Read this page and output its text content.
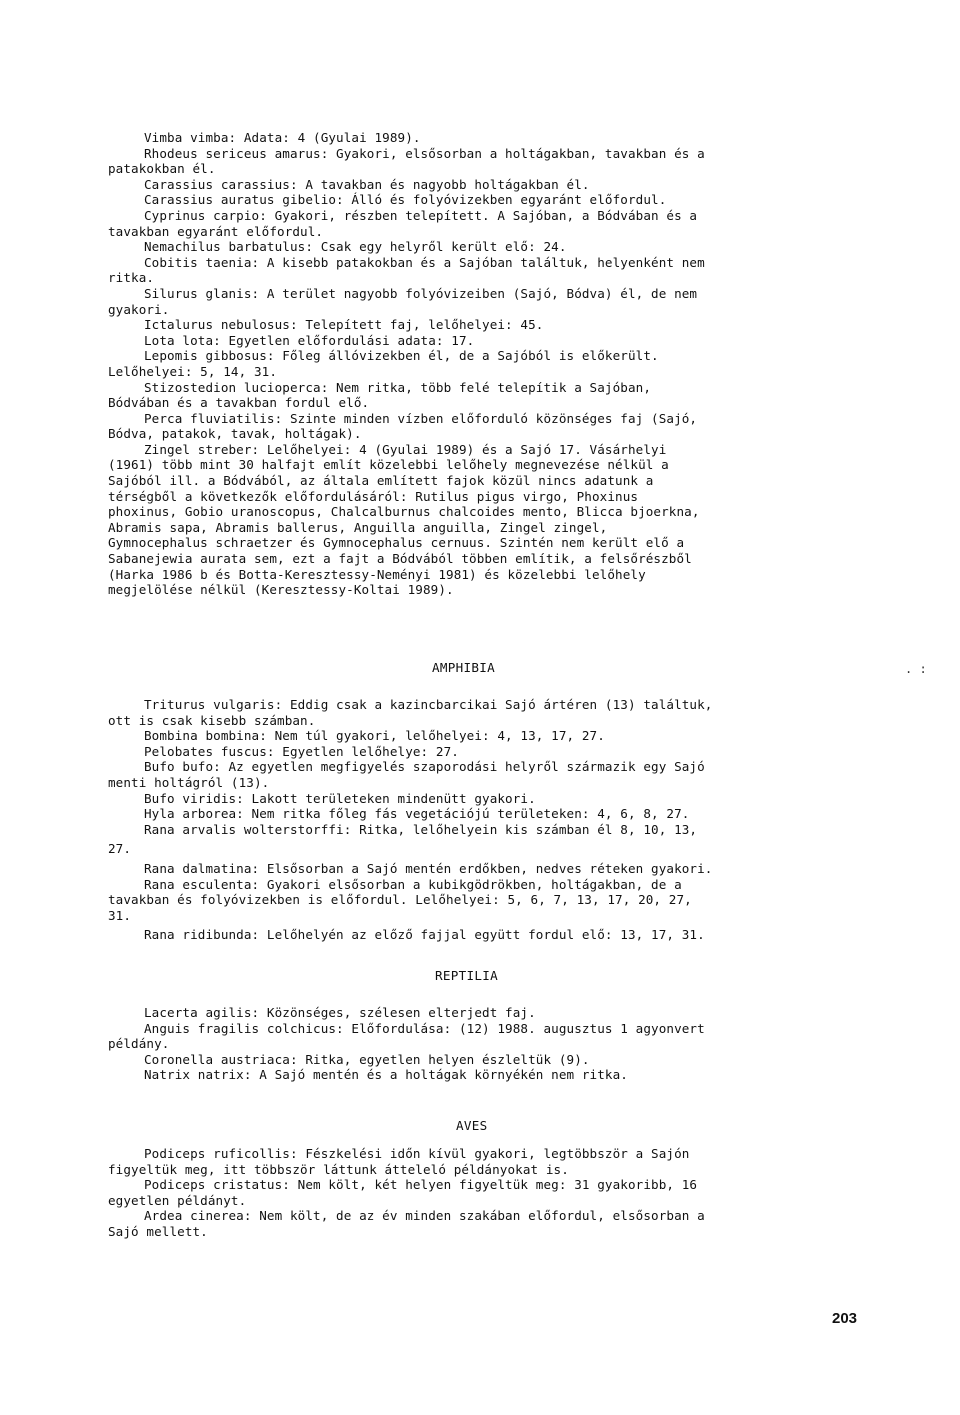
Vimba vimba: Adata: 4 (Gyulai 1989).
Rhodeus sericeus amarus: Gyakori, elsősorban a holtágakban, tavakban és a
patakokban él.
Carassius carassius: A tavakban és nagyobb holtágakban él.
Carassius auratus gibelio: Álló és folyóvizekben egyaránt előfordul.
Cyprinus carpio: Gyakori, részben telepített. A Sajóban, a Bódvában és a
tavakban egyaránt előfordul.
Nemachilus barbatulus: Csak egy helyről került elő: 24.
Cobitis taenia: A kisebb patakokban és a Sajóban találtuk, helyenként nem
ritka.
Silurus glanis: A terület nagyobb folyóvizeiben (Sajó, Bódva) él, de nem
gyakori.
Ictalurus nebulosus: Telepített faj, lelőhelyei: 45.
Lota lota: Egyetlen előfordulási adata: 17.
Lepomis gibbosus: Főleg állóvizekben él, de a Sajóból is előkerült.
Lelőhelyei: 5, 14, 31.
Stizostedion lucioperca: Nem ritka, több felé telepítik a Sajóban,
Bódvában és a tavakban fordul elő.
Perca fluviatilis: Szinte minden vízben előforduló közönséges faj (Sajó,
Bódva, patakok, tavak, holtágak).
Zingel streber: Lelőhelyei: 4 (Gyulai 1989) és a Sajó 17. Vásárhelyi
(1961) több mint 30 halfajt említ közelebbi lelőhely megnevezése nélkül a
Sajóból ill. a Bódvából, az általa említett fajok közül nincs adatunk a
térségből a következők előfordulásáról: Rutilus pigus virgo, Phoxinus
phoxinus, Gobio uranoscopus, Chalcalburnus chalcoides mento, Blicca bjoerkna,
Abramis sapa, Abramis ballerus, Anguilla anguilla, Zingel zingel,
Gymnocephalus schraetzer és Gymnocephalus cernuus. Szintén nem került elő a
Sabanejewia aurata sem, ezt a fajt a Bódvából többen említik, a felsőrészből
(Harka 1986 b és Botta-Keresztessy-Neményi 1981) és közelebbi lelőhely
megjelölése nélkül (Keresztessy-Koltai 1989).
AMPHIBIA	. :
Triturus vulgaris: Eddig csak a kazincbarcikai Sajó ártéren (13) találtuk,
ott is csak kisebb számban.
Bombina bombina: Nem túl gyakori, lelőhelyei: 4, 13, 17, 27.
Pelobates fuscus: Egyetlen lelőhelye: 27.
Bufo bufo: Az egyetlen megfigyelés szaporodási helyről származik egy Sajó
menti holtágról (13).
Bufo viridis: Lakott területeken mindenütt gyakori.
Hyla arborea: Nem ritka főleg fás vegetációjú területeken: 4, 6, 8, 27.
Rana arvalis wolterstorffi: Ritka, lelőhelyein kis számban él 8, 10, 13,
27.
Rana dalmatina: Elsősorban a Sajó mentén erdőkben, nedves réteken gyakori.
Rana esculenta: Gyakori elsősorban a kubikgödrökben, holtágakban, de a
tavakban és folyóvizekben is előfordul. Lelőhelyei: 5, 6, 7, 13, 17, 20, 27,
31.
Rana ridibunda: Lelőhelyén az előző fajjal együtt fordul elő: 13, 17, 31.
REPTILIA
Lacerta agilis: Közönséges, szélesen elterjedt faj.
Anguis fragilis colchicus: Előfordulása: (12) 1988. augusztus 1 agyonvert
példány.
Coronella austriaca: Ritka, egyetlen helyen észleltük (9).
Natrix natrix: A Sajó mentén és a holtágak környékén nem ritka.
AVES
Podiceps ruficollis: Fészkelési időn kívül gyakori, legtöbbször a Sajón
figyeltük meg, itt többször láttunk átteleló példányokat is.
Podiceps cristatus: Nem költ, két helyen figyeltük meg: 31 gyakoribb, 16
egyetlen példányt.
Ardea cinerea: Nem költ, de az év minden szakában előfordul, elsősorban a
Sajó mellett.
203
